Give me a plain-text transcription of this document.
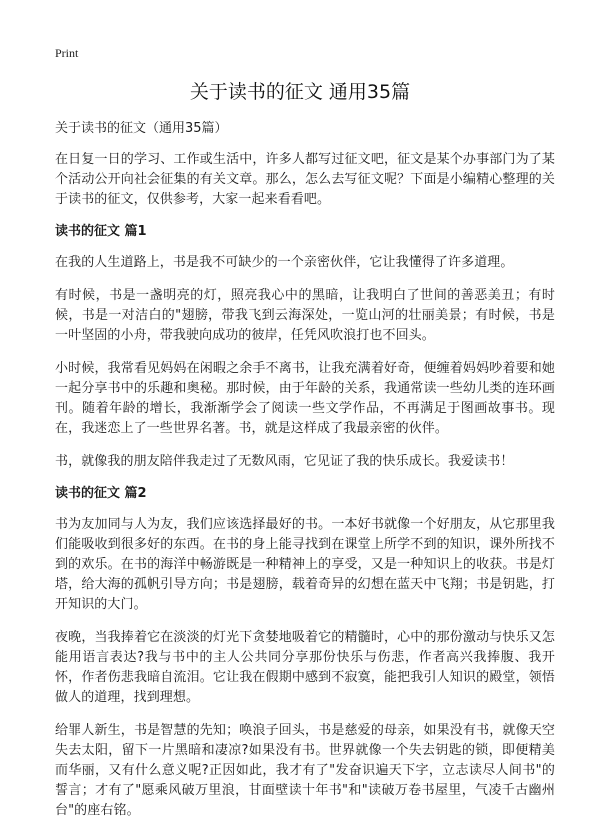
Print
关于读书的征文 通用35篇
关于读书的征文（通用35篇）

在日复一日的学习、工作或生活中，许多人都写过征文吧，征文是某个办事部门为了某个活动公开向社会征集的有关文章。那么，怎么去写征文呢？下面是小编精心整理的关于读书的征文，仅供参考，大家一起来看看吧。

读书的征文 篇1

在我的人生道路上，书是我不可缺少的一个亲密伙伴，它让我懂得了许多道理。

有时候，书是一盏明亮的灯，照亮我心中的黑暗，让我明白了世间的善恶美丑；有时候，书是一对洁白的"翅膀，带我飞到云海深处，一览山河的壮丽美景；有时候，书是一叶坚固的小舟，带我驶向成功的彼岸，任凭风吹浪打也不回头。

小时候，我常看见妈妈在闲暇之余手不离书，让我充满着好奇，便缠着妈妈吵着要和她一起分享书中的乐趣和奥秘。那时候，由于年龄的关系，我通常读一些幼儿类的连环画刊。随着年龄的增长，我渐渐学会了阅读一些文学作品，不再满足于图画故事书。现在，我迷恋上了一些世界名著。书，就是这样成了我最亲密的伙伴。

书，就像我的朋友陪伴我走过了无数风雨，它见证了我的快乐成长。我爱读书！

读书的征文 篇2

书为友加同与人为友，我们应该选择最好的书。一本好书就像一个好朋友，从它那里我们能吸收到很多好的东西。在书的身上能寻找到在课堂上所学不到的知识，课外所找不到的欢乐。在书的海洋中畅游既是一种精神上的享受，又是一种知识上的收获。书是灯塔，给大海的孤帆引导方向；书是翅膀，载着奇异的幻想在蓝天中飞翔；书是钥匙，打开知识的大门。

夜晚，当我捧着它在淡淡的灯光下贪婪地吸着它的精髓时，心中的那份激动与快乐又怎能用语言表达?我与书中的主人公共同分享那份快乐与伤悲，作者高兴我捧腹、我开怀，作者伤悲我暗自流泪。它让我在假期中感到不寂寞，能把我引人知识的殿堂，领悟做人的道理，找到理想。

给罪人新生，书是智慧的先知；唤浪子回头，书是慈爱的母亲，如果没有书，就像天空失去太阳，留下一片黑暗和凄凉?如果没有书。世界就像一个失去钥匙的锁，即便精美而华丽，又有什么意义呢?正因如此，我才有了"发奋识遍天下字，立志读尽人间书"的誓言；才有了"愿乘风破万里浪，甘面壁读十年书"和"读破万卷书屋里，气凌千古幽州台"的座右铭。
